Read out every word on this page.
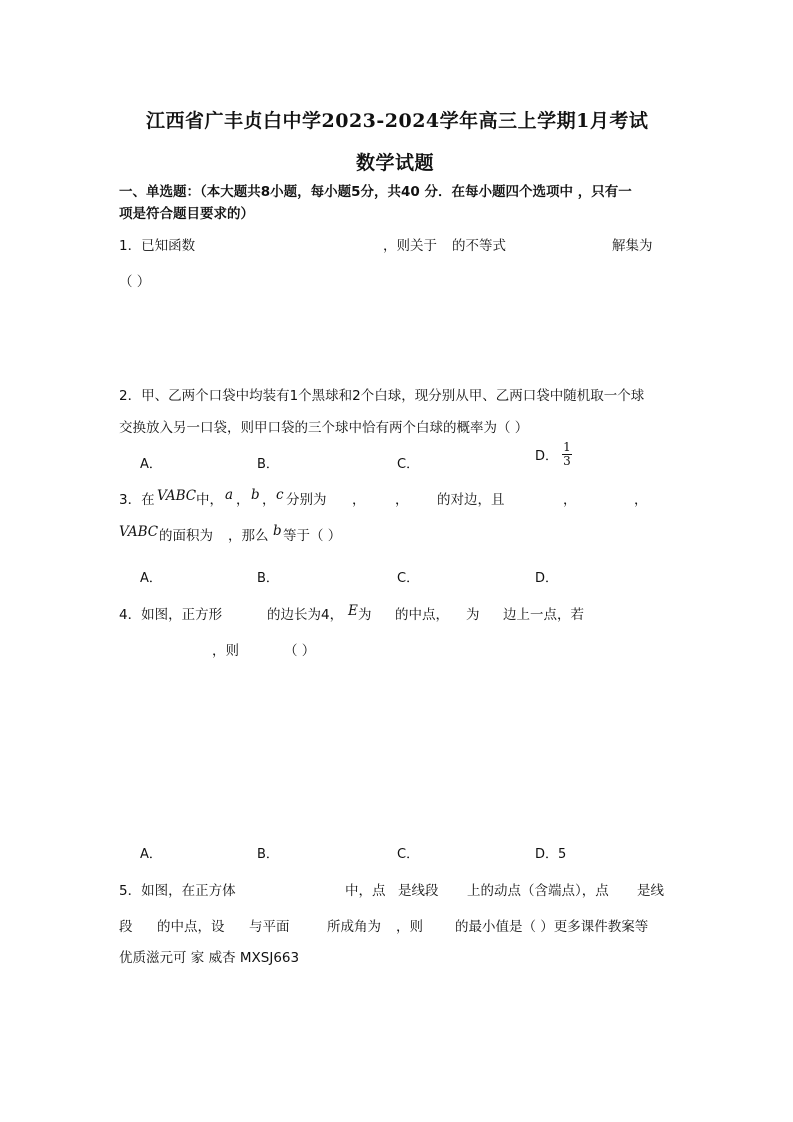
江西省广丰贞白中学2023-2024学年高三上学期1月考试
数学试题
一、单选题：（本大题共8小题，每小题5分，共40 分．在每小题四个选项中 ，只有一
项是符合题目要求的）
1．已知函数	，则关于 的不等式	解集为
（ ）
2．甲、乙两个口袋中均装有1个黑球和2个白球，现分别从甲、乙两口袋中随机取一个球
交换放入另一口袋，则甲口袋的三个球中恰有两个白球的概率为（ ）
A．	B．	C．
D． $\frac{1}{3}$
3．在 VABC 中， a ， b ， c 分别为 ， ， 的对边，且	，	，
VABC 的面积为 ，那么 b 等于（ ）
A．	B．	C．	D．
4．如图，正方形	的边长为4， E 为 的中点， 为 边上一点，若
，则	（ ）
A．	B．	C．	D．5
5．如图，在正方体	中，点 是线段 上的动点（含端点），点 是线
段 的中点，设 与平面	所成角为 ，则 的最小值是（ ）更多课件教案等
优质滋元可 家 威杏 MXSJ663
